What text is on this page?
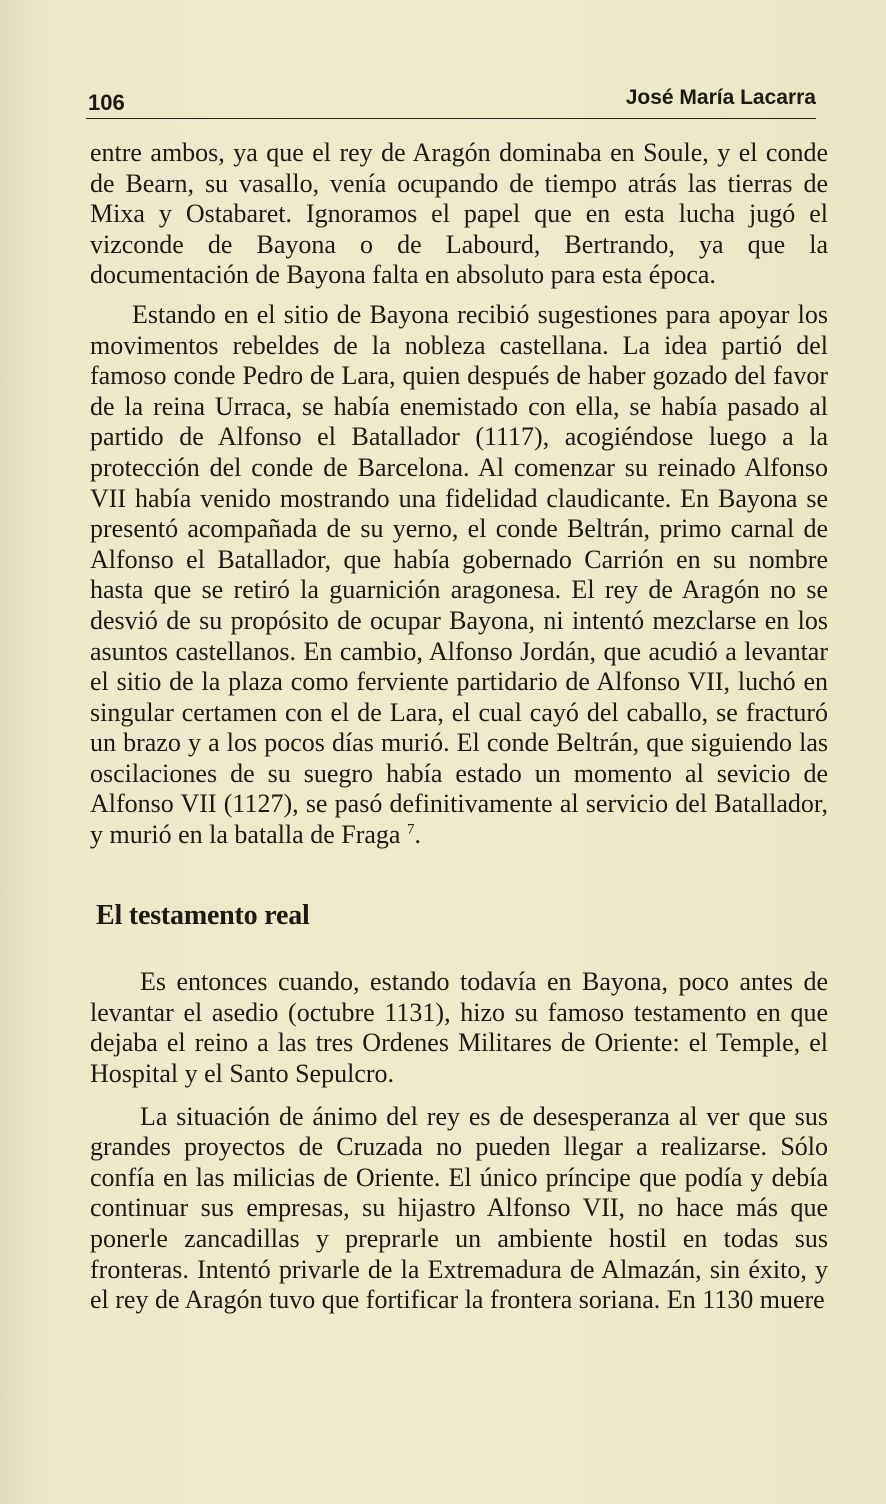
106	José María Lacarra

entre ambos, ya que el rey de Aragón dominaba en Soule, y el conde de Bearn, su vasallo, venía ocupando de tiempo atrás las tierras de Mixa y Ostabaret. Ignoramos el papel que en esta lucha jugó el vizconde de Bayona o de Labourd, Bertrando, ya que la documentación de Bayona falta en absoluto para esta época.

Estando en el sitio de Bayona recibió sugestiones para apoyar los movimentos rebeldes de la nobleza castellana. La idea partió del famoso conde Pedro de Lara, quien después de haber gozado del favor de la reina Urraca, se había enemistado con ella, se había pasado al partido de Alfonso el Batallador (1117), acogiéndose luego a la protección del conde de Barcelona. Al comenzar su reinado Alfonso VII había venido mostrando una fidelidad claudicante. En Bayona se presentó acompañada de su yerno, el conde Beltrán, primo carnal de Alfonso el Batallador, que había gobernado Carrión en su nombre hasta que se retiró la guarnición aragonesa. El rey de Aragón no se desvió de su propósito de ocupar Bayona, ni intentó mezclarse en los asuntos castellanos. En cambio, Alfonso Jordán, que acudió a levantar el sitio de la plaza como ferviente partidario de Alfonso VII, luchó en singular certamen con el de Lara, el cual cayó del caballo, se fracturó un brazo y a los pocos días murió. El conde Beltrán, que siguiendo las oscilaciones de su suegro había estado un momento al sevicio de Alfonso VII (1127), se pasó definitivamente al servicio del Batallador, y murió en la batalla de Fraga $^7$.

El testamento real

Es entonces cuando, estando todavía en Bayona, poco antes de levantar el asedio (octubre 1131), hizo su famoso testamento en que dejaba el reino a las tres Ordenes Militares de Oriente: el Temple, el Hospital y el Santo Sepulcro.

La situación de ánimo del rey es de desesperanza al ver que sus grandes proyectos de Cruzada no pueden llegar a realizarse. Sólo confía en las milicias de Oriente. El único príncipe que podía y debía continuar sus empresas, su hijastro Alfonso VII, no hace más que ponerle zancadillas y preprarle un ambiente hostil en todas sus fronteras. Intentó privarle de la Extremadura de Almazán, sin éxito, y el rey de Aragón tuvo que fortificar la frontera soriana. En 1130 muere
